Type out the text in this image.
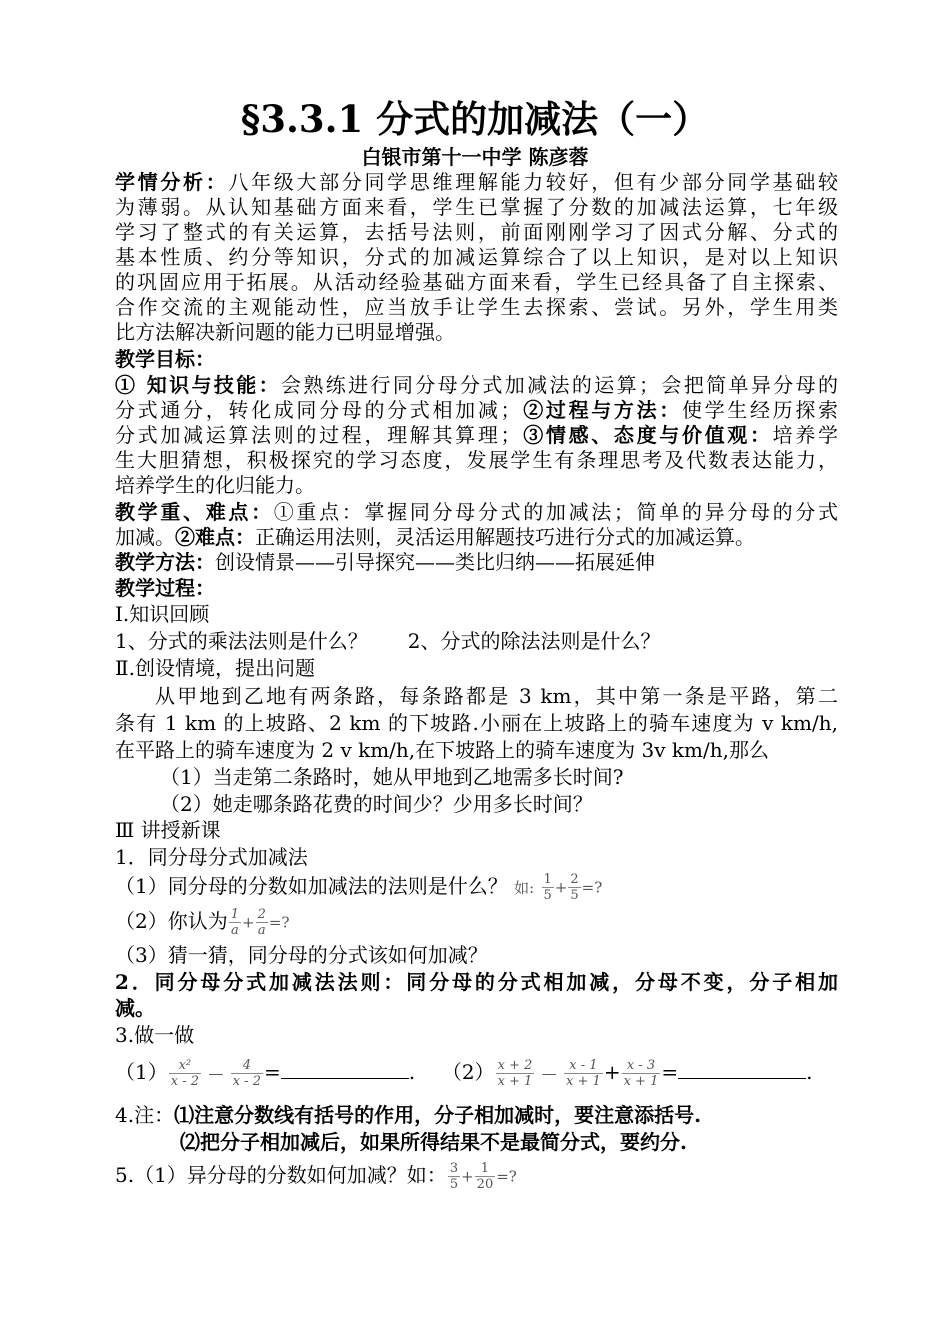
§3.3.1 分式的加减法（一）
白银市第十一中学 陈彦蓉
学情分析：八年级大部分同学思维理解能力较好，但有少部分同学基础较
为薄弱。从认知基础方面来看，学生已掌握了分数的加减法运算，七年级
学习了整式的有关运算，去括号法则，前面刚刚学习了因式分解、分式的
基本性质、约分等知识，分式的加减运算综合了以上知识，是对以上知识
的巩固应用于拓展。从活动经验基础方面来看，学生已经具备了自主探索、
合作交流的主观能动性，应当放手让学生去探索、尝试。另外，学生用类
比方法解决新问题的能力已明显增强。
教学目标：
① 知识与技能：会熟练进行同分母分式加减法的运算；会把简单异分母的
分式通分，转化成同分母的分式相加减；②过程与方法：使学生经历探索
分式加减运算法则的过程，理解其算理；③情感、态度与价值观：培养学
生大胆猜想，积极探究的学习态度，发展学生有条理思考及代数表达能力，
培养学生的化归能力。
教学重、难点：①重点：掌握同分母分式的加减法；简单的异分母的分式
加减。②难点：正确运用法则，灵活运用解题技巧进行分式的加减运算。
教学方法：创设情景——引导探究——类比归纳——拓展延伸
教学过程：
Ⅰ.知识回顾
1、分式的乘法法则是什么？ 2、分式的除法法则是什么？
Ⅱ.创设情境，提出问题
从甲地到乙地有两条路，每条路都是 3 km，其中第一条是平路，第二
条有 1 km 的上坡路、2 km 的下坡路.小丽在上坡路上的骑车速度为 v km/h,
在平路上的骑车速度为 2 v km/h,在下坡路上的骑车速度为 3v km/h,那么
（1）当走第二条路时，她从甲地到乙地需多长时间?
（2）她走哪条路花费的时间少？少用多长时间？
Ⅲ 讲授新课
1．同分母分式加减法
（1）同分母的分数如加减法的法则是什么？ 如: $\frac{1}{5} + \frac{2}{5}$ =?
（2）你认为 $\frac{1}{a} + \frac{2}{a}$ =?
（3）猜一猜，同分母的分式该如何加减？
2．同分母分式加减法法则：同分母的分式相加减，分母不变，分子相加
减。
3.做一做
$(1) \frac{\text{x²}}{x - 2}$ — $\frac{4}{x - 2}$ =	. $(2) \frac{x + 2}{x + 1}$ — $\frac{x - 1}{x + 1} + \frac{x - 3}{x + 1}$ =	.
4.注：⑴注意分数线有括号的作用，分子相加减时，要注意添括号.
⑵把分子相加减后，如果所得结果不是最简分式，要约分.
5.（1）异分母的分数如何加减？如： $\frac{3}{5} + \frac{1}{20}$ =?
